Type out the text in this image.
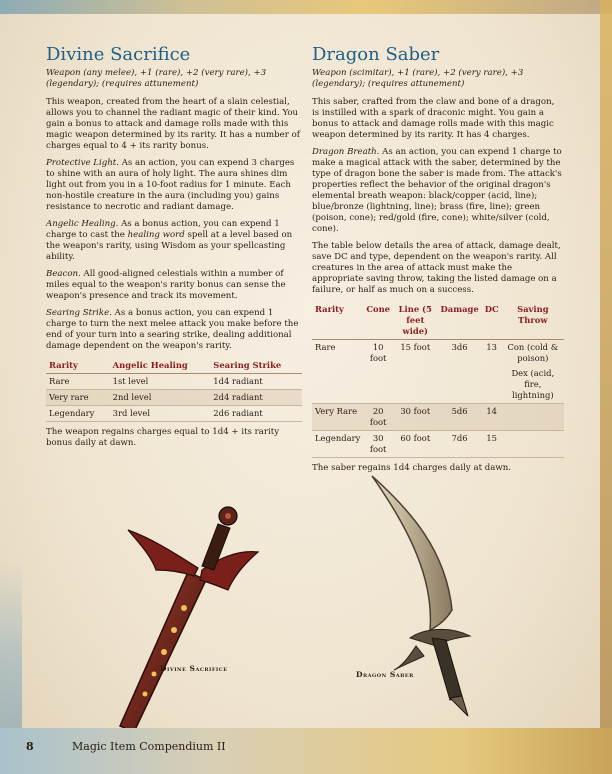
Divine Sacrifice
Weapon (any melee), +1 (rare), +2 (very rare), +3 (legendary); (requires attunement)

This weapon, created from the heart of a slain celestial, allows you to channel the radiant magic of their kind. You gain a bonus to attack and damage rolls made with this magic weapon determined by its rarity. It has a number of charges equal to 4 + its rarity bonus.

Protective Light. As an action, you can expend 3 charges to shine with an aura of holy light. The aura shines dim light out from you in a 10-foot radius for 1 minute. Each non-hostile creature in the aura (including you) gains resistance to necrotic and radiant damage.

Angelic Healing. As a bonus action, you can expend 1 charge to cast the healing word spell at a level based on the weapon's rarity, using Wisdom as your spellcasting ability.

Beacon. All good-aligned celestials within a number of miles equal to the weapon's rarity bonus can sense the weapon's presence and track its movement.

Searing Strike. As a bonus action, you can expend 1 charge to turn the next melee attack you make before the end of your turn into a searing strike, dealing additional damage dependent on the weapon's rarity.

Rarity	Angelic Healing	Searing Strike
Rare	1st level	1d4 radiant
Very rare	2nd level	2d4 radiant
Legendary	3rd level	2d6 radiant

The weapon regains charges equal to 1d4 + its rarity bonus daily at dawn.

Dragon Saber
Weapon (scimitar), +1 (rare), +2 (very rare), +3 (legendary); (requires attunement)

This saber, crafted from the claw and bone of a dragon, is instilled with a spark of draconic might. You gain a bonus to attack and damage rolls made with this magic weapon determined by its rarity. It has 4 charges.

Dragon Breath. As an action, you can expend 1 charge to make a magical attack with the saber, determined by the type of dragon bone the saber is made from. The attack's properties reflect the behavior of the original dragon's elemental breath weapon: black/copper (acid, line); blue/bronze (lightning, line); brass (fire, line); green (poison, cone); red/gold (fire, cone); white/silver (cold, cone).

The table below details the area of attack, damage dealt, save DC and type, dependent on the weapon's rarity. All creatures in the area of attack must make the appropriate saving throw, taking the listed damage on a failure, or half as much on a success.

Rarity	Cone	Line (5 feet wide)	Damage	DC	Saving Throw
Rare	10 foot	15 foot	3d6	13	Con (cold & poison)
Dex (acid, fire, lightning)

Very Rare	20 foot	30 foot	5d6	14	
Legendary	30 foot	60 foot	7d6	15	

The saber regains 1d4 charges daily at dawn.

Divine Sacrifice
Dragon Saber
8	Magic Item Compendium II
